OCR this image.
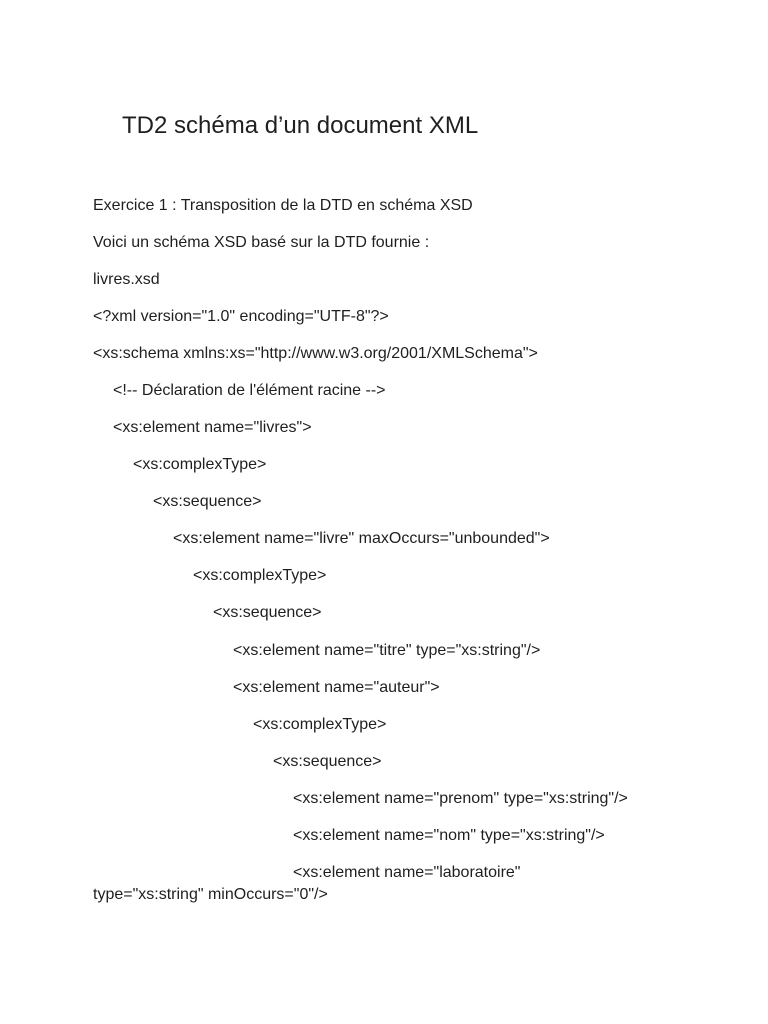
TD2 schéma d’un document XML

Exercice 1 : Transposition de la DTD en schéma XSD

Voici un schéma XSD basé sur la DTD fournie :

livres.xsd

<?xml version="1.0" encoding="UTF-8"?>

<xs:schema xmlns:xs="http://www.w3.org/2001/XMLSchema">

<!-- Déclaration de l'élément racine -->

<xs:element name="livres">

<xs:complexType>

<xs:sequence>

<xs:element name="livre" maxOccurs="unbounded">

<xs:complexType>

<xs:sequence>

<xs:element name="titre" type="xs:string"/>

<xs:element name="auteur">

<xs:complexType>

<xs:sequence>

<xs:element name="prenom" type="xs:string"/>

<xs:element name="nom" type="xs:string"/>

<xs:element name="laboratoire"

type="xs:string" minOccurs="0"/>
